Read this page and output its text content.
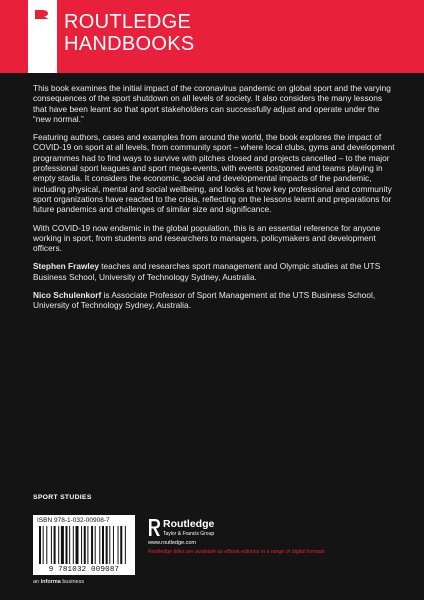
Routledge
ROUTLEDGE
HANDBOOKS

This book examines the initial impact of the coronavirus pandemic on global sport and the varying consequences of the sport shutdown on all levels of society. It also considers the many lessons that have been learnt so that sport stakeholders can successfully adjust and operate under the “new normal.”

Featuring authors, cases and examples from around the world, the book explores the impact of COVID-19 on sport at all levels, from community sport – where local clubs, gyms and development programmes had to find ways to survive with pitches closed and projects cancelled – to the major professional sport leagues and sport mega-events, with events postponed and teams playing in empty stadia. It considers the economic, social and developmental impacts of the pandemic, including physical, mental and social wellbeing, and looks at how key professional and community sport organizations have reacted to the crisis, reflecting on the lessons learnt and preparations for future pandemics and challenges of similar size and significance.

With COVID-19 now endemic in the global population, this is an essential reference for anyone working in sport, from students and researchers to managers, policymakers and development officers.

Stephen Frawley teaches and researches sport management and Olympic studies at the UTS Business School, University of Technology Sydney, Australia.

Nico Schulenkorf is Associate Professor of Sport Management at the UTS Business School, University of Technology Sydney, Australia.

SPORT STUDIES
ISBN 978-1-032-00908-7
9 781032 009087
an informa business
Routledge
Taylor & Francis Group
www.routledge.com
Routledge titles are available as eBook editions in a range of digital formats
